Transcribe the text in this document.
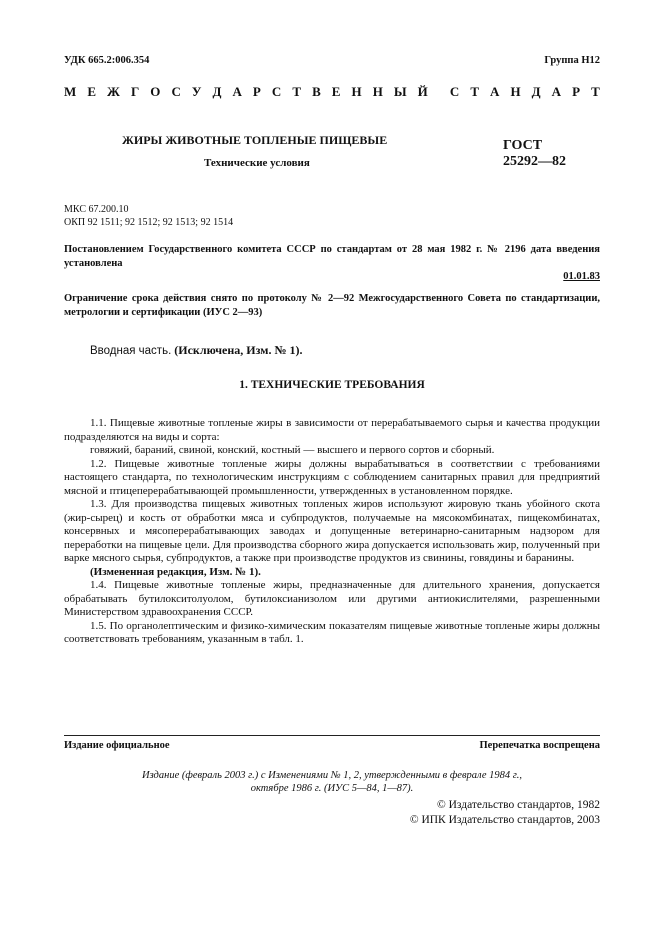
УДК 665.2:006.354	Группа Н12
М Е Ж Г О С У Д А Р С Т В Е Н Н Ы Й С Т А Н Д А Р Т
ЖИРЫ ЖИВОТНЫЕ ТОПЛЕНЫЕ ПИЩЕВЫЕ
Технические условия
ГОСТ
25292—82
МКС 67.200.10
ОКП 92 1511; 92 1512; 92 1513; 92 1514
Постановлением Государственного комитета СССР по стандартам от 28 мая 1982 г. № 2196 дата введения установлена
01.01.83
Ограничение срока действия снято по протоколу № 2—92 Межгосударственного Совета по стандартизации, метрологии и сертификации (ИУС 2—93)
Вводная часть. (Исключена, Изм. № 1).
1. ТЕХНИЧЕСКИЕ ТРЕБОВАНИЯ

1.1. Пищевые животные топленые жиры в зависимости от перерабатываемого сырья и качества продукции подразделяются на виды и сорта:

говяжий, бараний, свиной, конский, костный — высшего и первого сортов и сборный.

1.2. Пищевые животные топленые жиры должны вырабатываться в соответствии с требованиями настоящего стандарта, по технологическим инструкциям с соблюдением санитарных правил для предприятий мясной и птицеперерабатывающей промышленности, утвержденных в установленном порядке.

1.3. Для производства пищевых животных топленых жиров используют жировую ткань убойного скота (жир-сырец) и кость от обработки мяса и субпродуктов, получаемые на мясокомбинатах, пищекомбинатах, консервных и мясоперерабатывающих заводах и допущенные ветеринарно-санитарным надзором для переработки на пищевые цели. Для производства сборного жира допускается использовать жир, полученный при варке мясного сырья, субпродуктов, а также при производстве продуктов из свинины, говядины и баранины.

(Измененная редакция, Изм. № 1).

1.4. Пищевые животные топленые жиры, предназначенные для длительного хранения, допускается обрабатывать бутилокситолуолом, бутилоксианизолом или другими антиокислителями, разрешенными Министерством здравоохранения СССР.

1.5. По органолептическим и физико-химическим показателям пищевые животные топленые жиры должны соответствовать требованиям, указанным в табл. 1.

Издание официальное	Перепечатка воспрещена
Издание (февраль 2003 г.) с Изменениями № 1, 2, утвержденными в феврале 1984 г.,
октябре 1986 г. (ИУС 5—84, 1—87).
© Издательство стандартов, 1982
© ИПК Издательство стандартов, 2003
